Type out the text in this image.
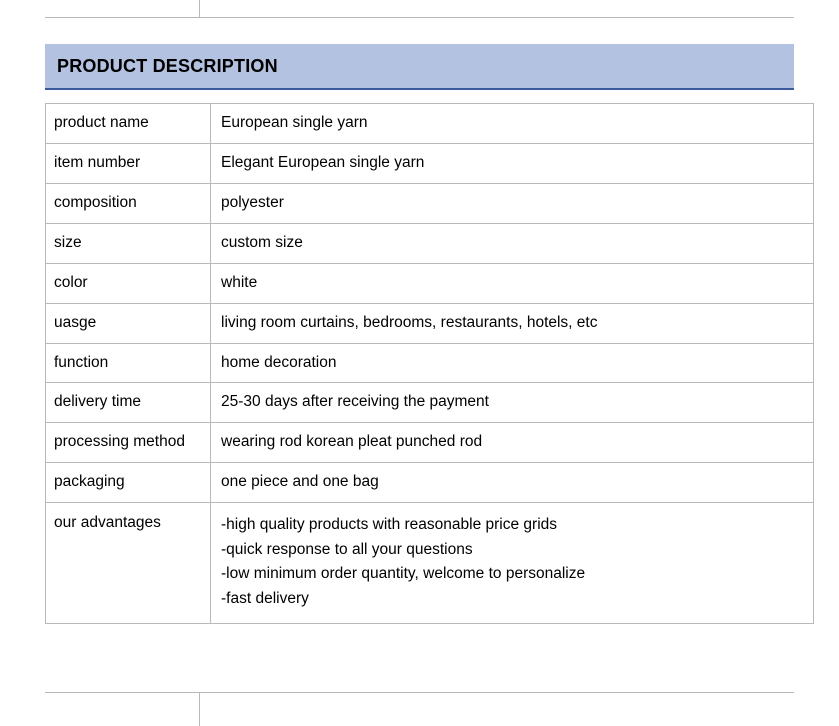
PRODUCT DESCRIPTION
product name	European single yarn
item number	Elegant European single yarn
composition	polyester
size	custom size
color	white
uasge	living room curtains, bedrooms, restaurants, hotels, etc
function	home decoration
delivery time	25-30 days after receiving the payment
processing method	wearing rod korean pleat punched rod
packaging	one piece and one bag
our advantages	-high quality products with reasonable price grids
-quick response to all your questions
-low minimum order quantity, welcome to personalize
-fast delivery
